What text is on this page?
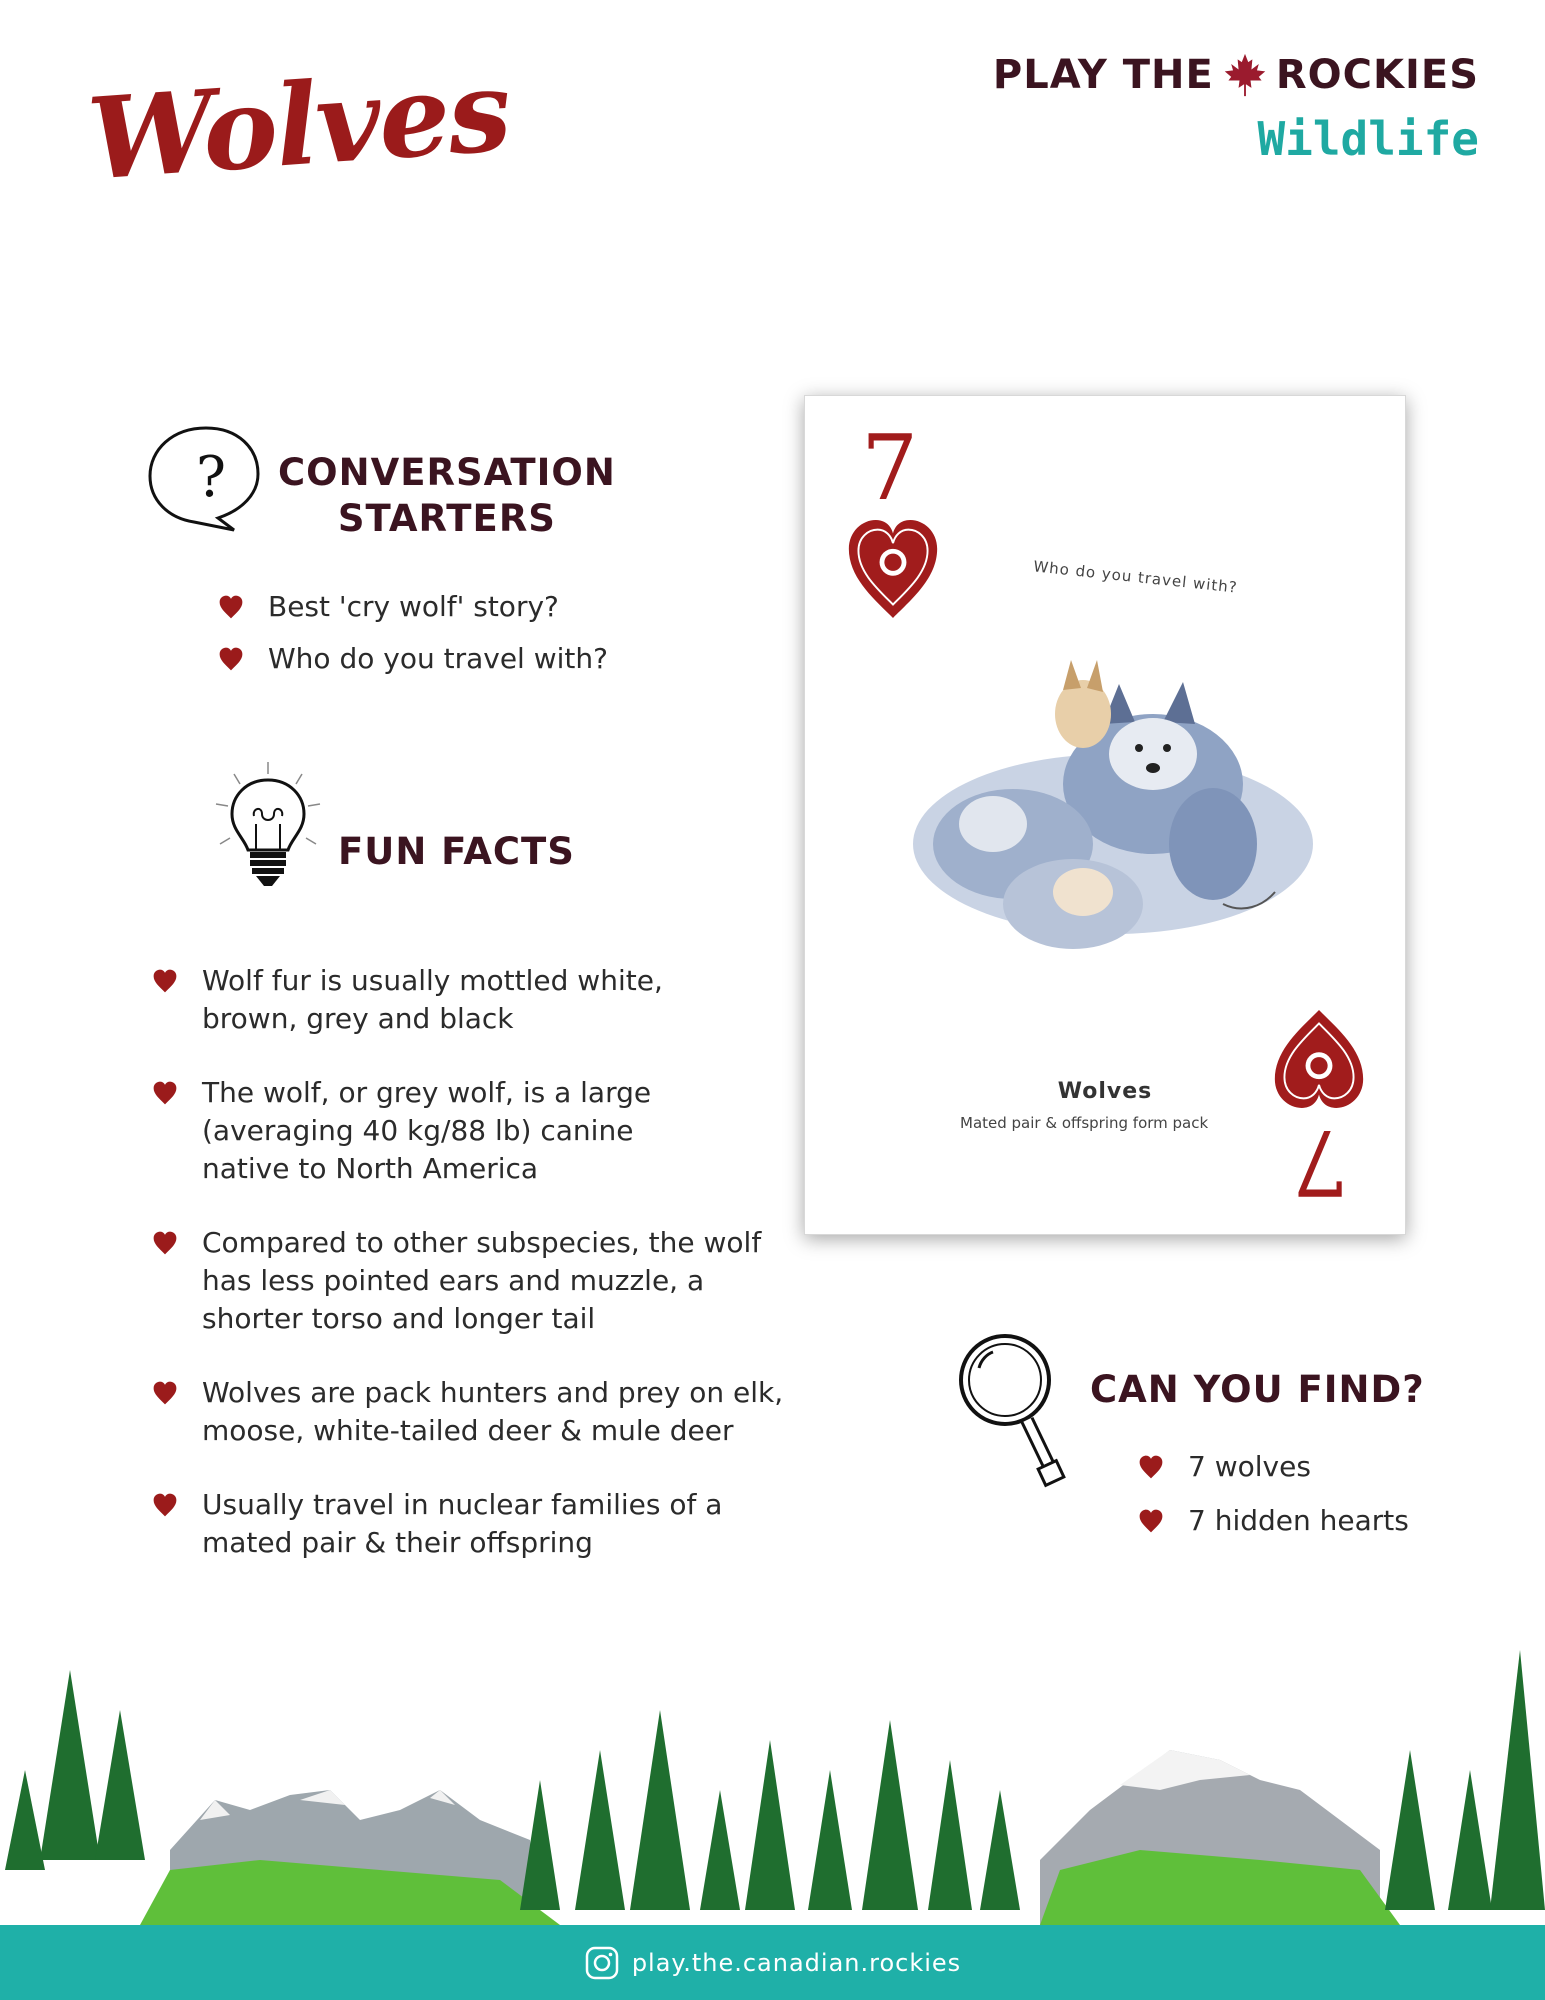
Wolves	PLAY THE ROCKIES
Wildlife
? CONVERSATION
STARTERS
Best 'cry wolf' story?
Who do you travel with?
FUN FACTS
Wolf fur is usually mottled white,
brown, grey and black
The wolf, or grey wolf, is a large
(averaging 40 kg/88 lb) canine
native to North America
Compared to other subspecies, the wolf
has less pointed ears and muzzle, a
shorter torso and longer tail
Wolves are pack hunters and prey on elk,
moose, white-tailed deer & mule deer
Usually travel in nuclear families of a
mated pair & their offspring
7
Who do you travel with?
Wolves
Mated pair & offspring form pack 7
CAN YOU FIND?
7 wolves
7 hidden hearts
play.the.canadian.rockies
